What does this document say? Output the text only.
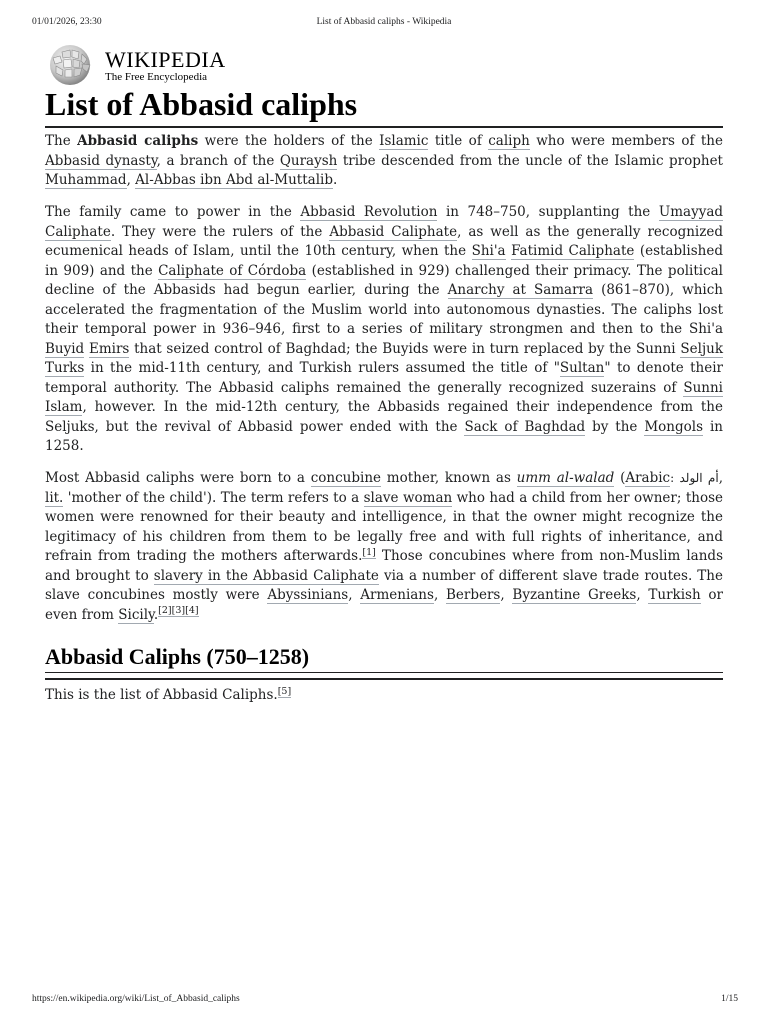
List of Abbasid caliphs - Wikipedia
01/01/2026, 23:30
WIKIPEDIA
The Free Encyclopedia
List of Abbasid caliphs

The Abbasid caliphs were the holders of the Islamic title of caliph who were members of the Abbasid dynasty, a branch of the Quraysh tribe descended from the uncle of the Islamic prophet Muhammad, Al-Abbas ibn Abd al-Muttalib.

The family came to power in the Abbasid Revolution in 748–750, supplanting the Umayyad Caliphate. They were the rulers of the Abbasid Caliphate, as well as the generally recognized ecumenical heads of Islam, until the 10th century, when the Shi'a Fatimid Caliphate (established in 909) and the Caliphate of Córdoba (established in 929) challenged their primacy. The political decline of the Abbasids had begun earlier, during the Anarchy at Samarra (861–870), which accelerated the fragmentation of the Muslim world into autonomous dynasties. The caliphs lost their temporal power in 936–946, first to a series of military strongmen and then to the Shi'a Buyid Emirs that seized control of Baghdad; the Buyids were in turn replaced by the Sunni Seljuk Turks in the mid-11th century, and Turkish rulers assumed the title of "Sultan" to denote their temporal authority. The Abbasid caliphs remained the generally recognized suzerains of Sunni Islam, however. In the mid-12th century, the Abbasids regained their independence from the Seljuks, but the revival of Abbasid power ended with the Sack of Baghdad by the Mongols in 1258.

Most Abbasid caliphs were born to a concubine mother, known as umm al-walad (Arabic: أم الولد, lit. 'mother of the child'). The term refers to a slave woman who had a child from her owner; those women were renowned for their beauty and intelligence, in that the owner might recognize the legitimacy of his children from them to be legally free and with full rights of inheritance, and refrain from trading the mothers afterwards.[1] Those concubines where from non-Muslim lands and brought to slavery in the Abbasid Caliphate via a number of different slave trade routes. The slave concubines mostly were Abyssinians, Armenians, Berbers, Byzantine Greeks, Turkish or even from Sicily.[2][3][4]

Abbasid Caliphs (750–1258)
This is the list of Abbasid Caliphs.[5]
https://en.wikipedia.org/wiki/List_of_Abbasid_caliphs	1/15
